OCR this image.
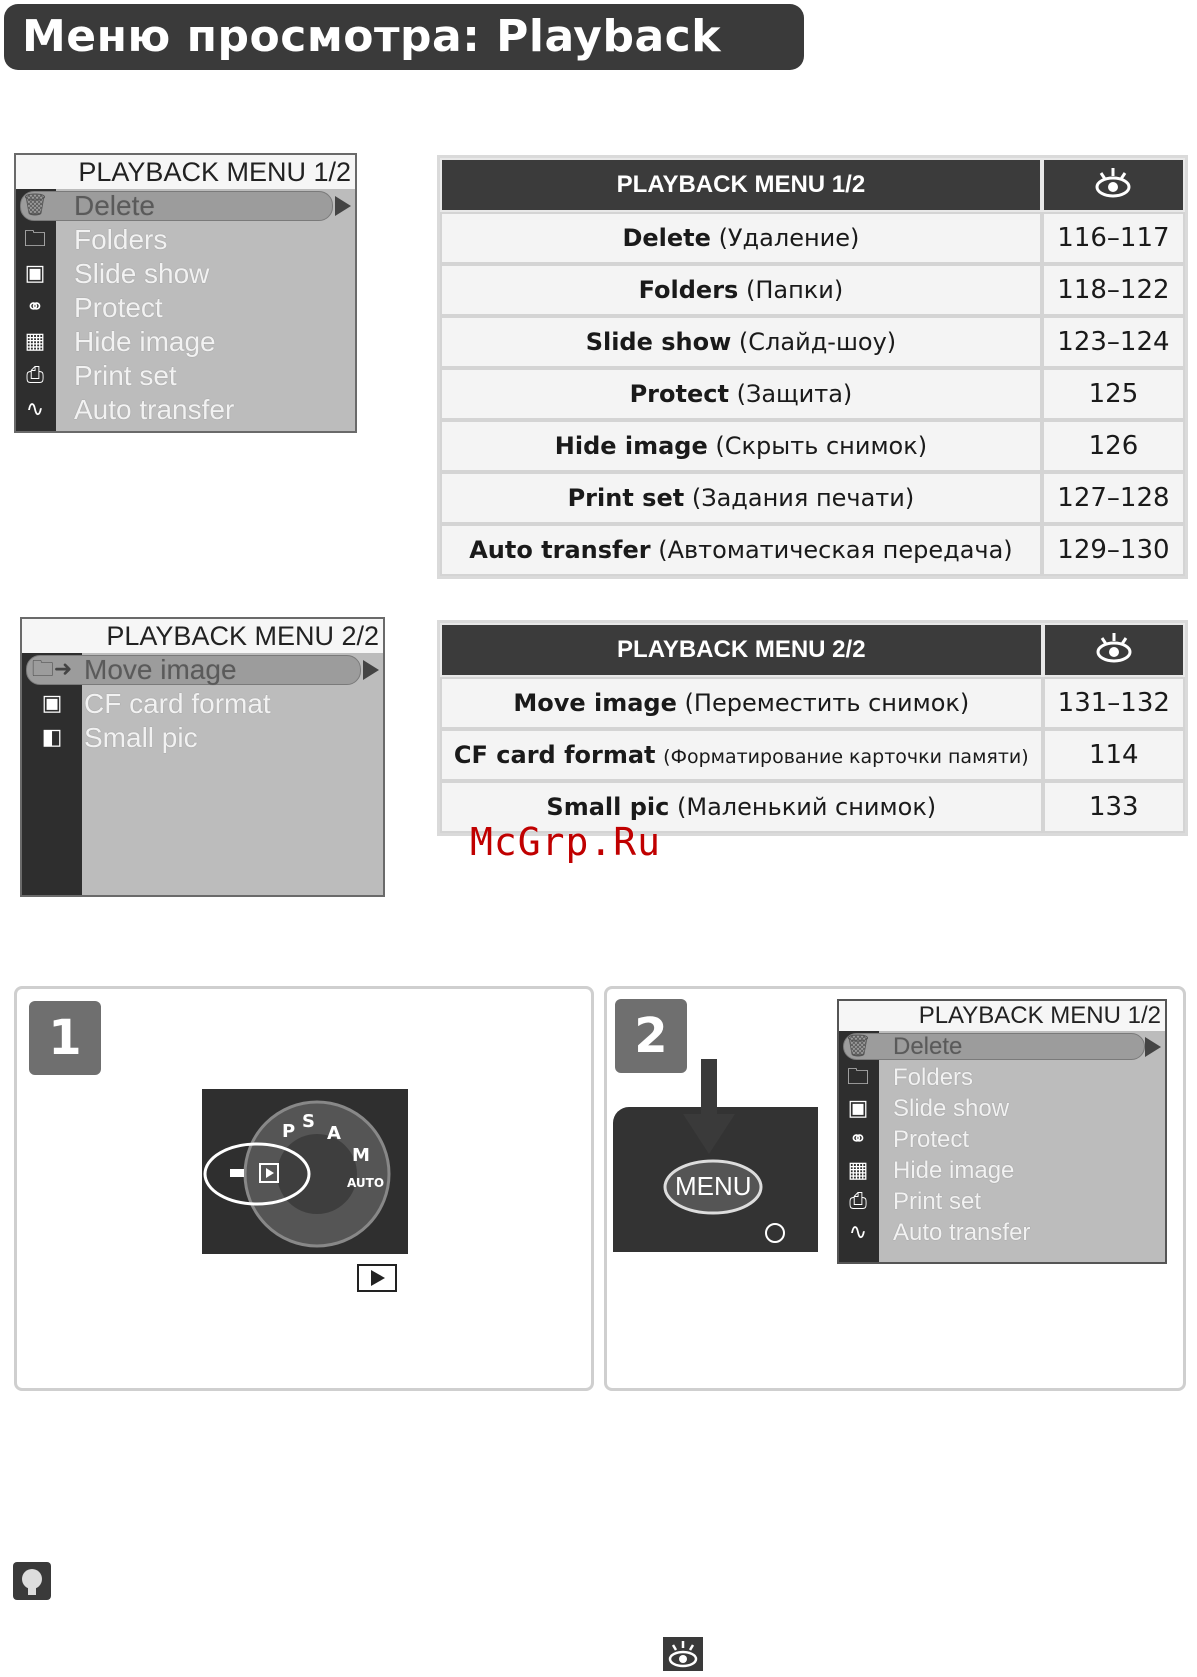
Меню просмотра: Playback
PLAYBACK MENU 1/2
🗑 Delete
🗀 Folders
▣	Slide show
⚭	Protect
▦	Hide image
⎙	Print set
∿	Auto transfer
PLAYBACK MENU 1/2	
Delete (Удаление)	116–117
Folders (Папки)	118–122
Slide show (Слайд-шоу)	123–124
Protect (Защита)	125
Hide image (Скрыть снимок)	126
Print set (Задания печати)	127–128
Auto transfer (Автоматическая передача)	129–130
PLAYBACK MENU 2/2
🗀➜ Move image
▣ CF card format
◧ Small pic
PLAYBACK MENU 2/2	
Move image (Переместить снимок)	131–132
CF card format (Форматирование карточки памяти)	114
Small pic (Маленький снимок)	133
McGrp.Ru
1
S
A
P
M
AUTO
2
MENU
PLAYBACK MENU 1/2
🗑 Delete
🗀	Folders
▣	Slide show
⚭	Protect
▦	Hide image
⎙	Print set
∿	Auto transfer
